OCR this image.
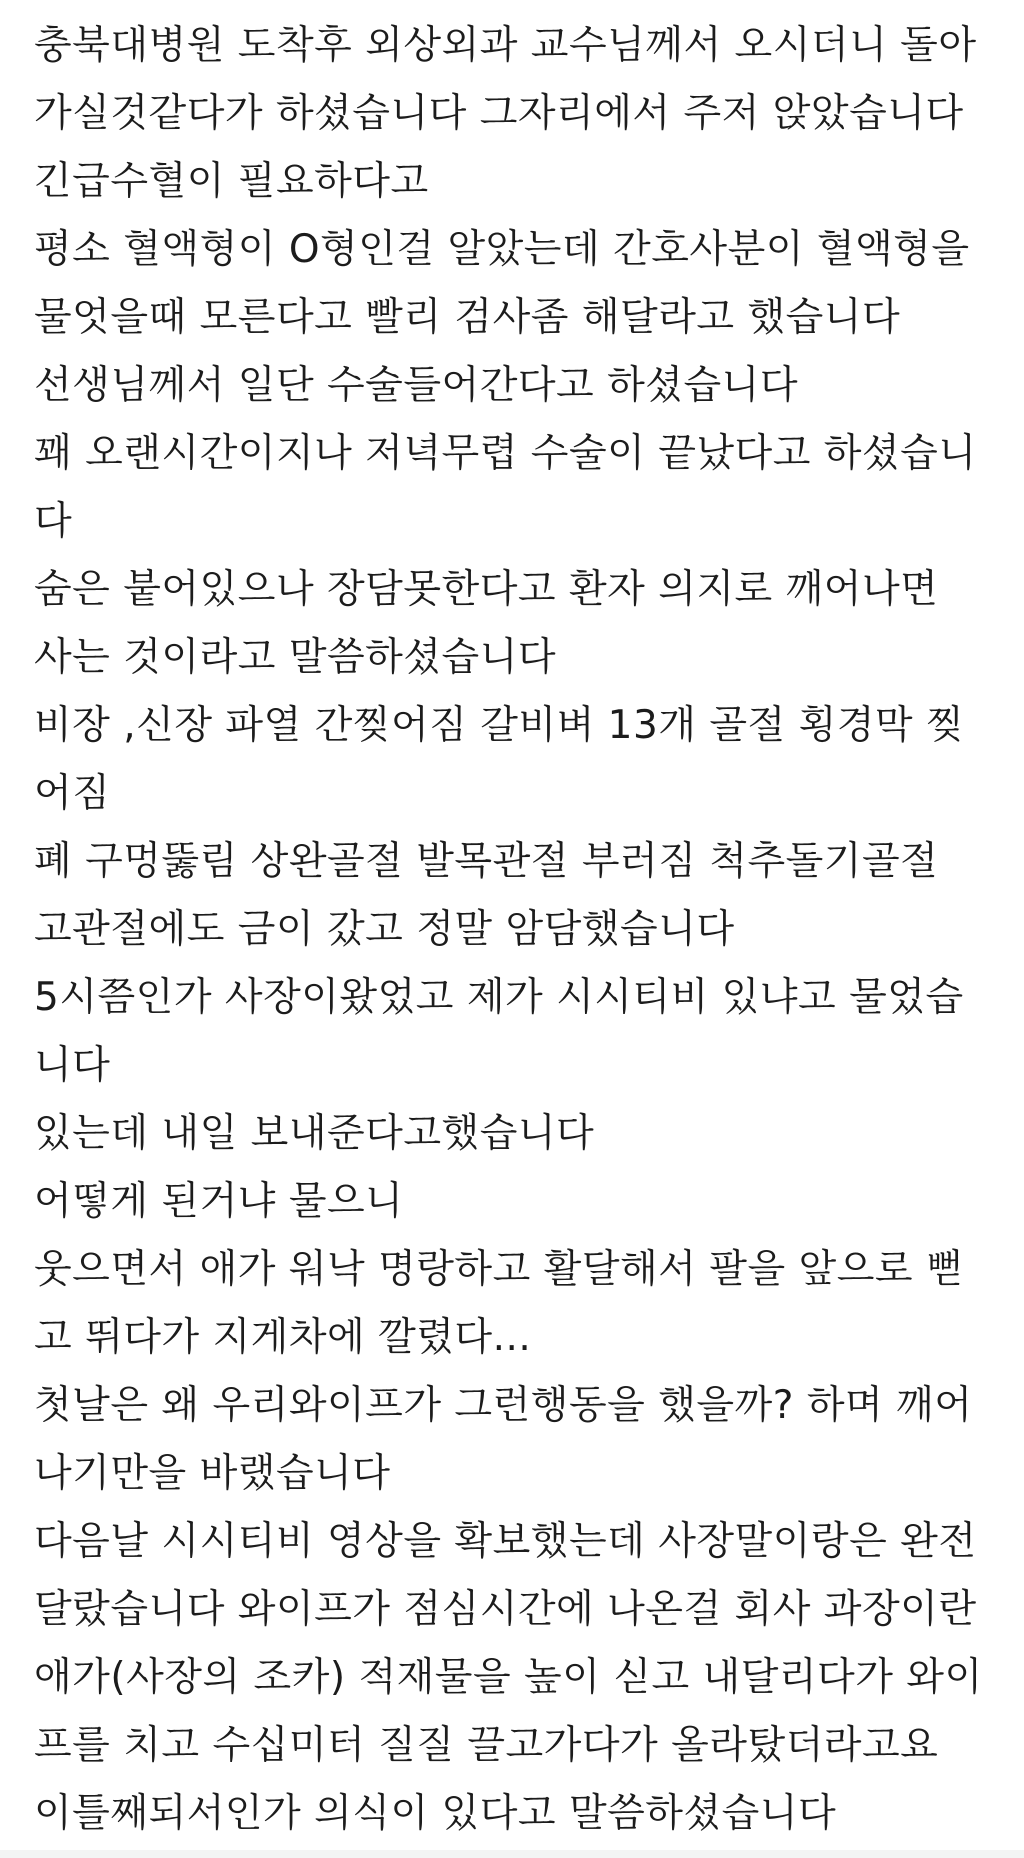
충북대병원 도착후 외상외과 교수님께서 오시더니 돌아
가실것같다가 하셨습니다 그자리에서 주저 앉았습니다
긴급수혈이 필요하다고
평소 혈액형이 O형인걸 알았는데 간호사분이 혈액형을
물엇을때 모른다고 빨리 검사좀 해달라고 했습니다
선생님께서 일단 수술들어간다고 하셨습니다
꽤 오랜시간이지나 저녁무렵 수술이 끝났다고 하셨습니
다
숨은 붙어있으나 장담못한다고 환자 의지로 깨어나면
사는 것이라고 말씀하셨습니다
비장 ,신장 파열 간찢어짐 갈비벼 13개 골절 횡경막 찢
어짐
폐 구멍뚫림 상완골절 발목관절 부러짐 척추돌기골절
고관절에도 금이 갔고 정말 암담했습니다
5시쯤인가 사장이왔었고 제가 시시티비 있냐고 물었습
니다
있는데 내일 보내준다고했습니다
어떻게 된거냐 물으니
웃으면서 애가 워낙 명랑하고 활달해서 팔을 앞으로 뻗
고 뛰다가 지게차에 깔렸다...
첫날은 왜 우리와이프가 그런행동을 했을까? 하며 깨어
나기만을 바랬습니다
다음날 시시티비 영상을 확보했는데 사장말이랑은 완전
달랐습니다 와이프가 점심시간에 나온걸 회사 과장이란
애가(사장의 조카) 적재물을 높이 싣고 내달리다가 와이
프를 치고 수십미터 질질 끌고가다가 올라탔더라고요
이틀째되서인가 의식이 있다고 말씀하셨습니다
